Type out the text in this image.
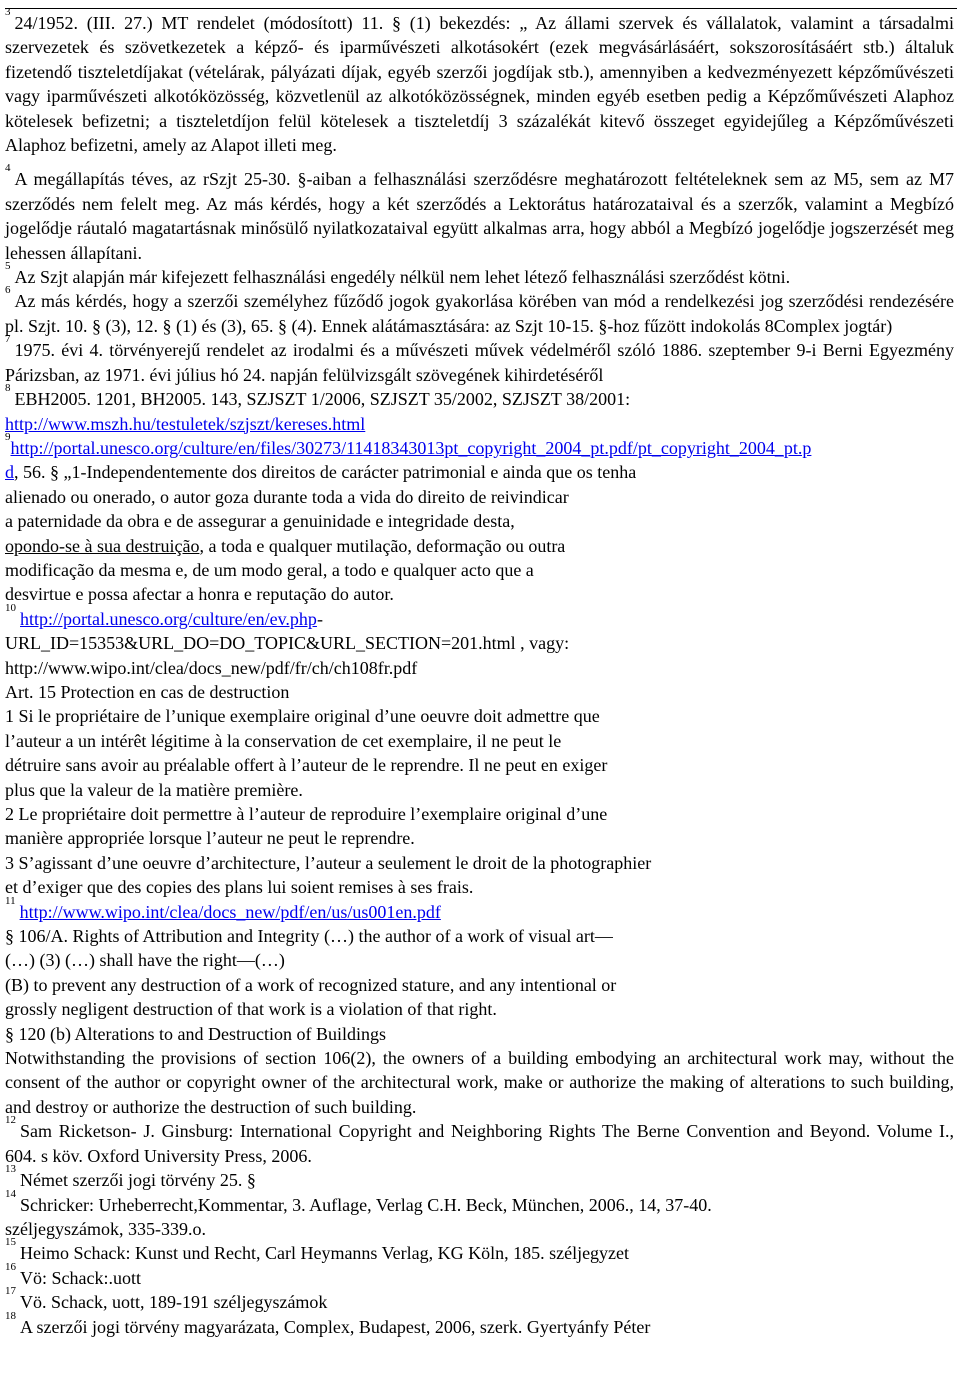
$^3$24/1952. (III. 27.) MT rendelet (módosított) 11. § (1) bekezdés: „ Az állami szervek és vállalatok, valamint a társadalmi szervezetek és szövetkezetek a képző- és iparművészeti alkotásokért (ezek megvásárlásáért, sokszorosításáért stb.) általuk fizetendő tiszteletdíjakat (vételárak, pályázati díjak, egyéb szerzői jogdíjak stb.), amennyiben a kedvezményezett képzőművészeti vagy iparművészeti alkotóközösség, közvetlenül az alkotóközösségnek, minden egyéb esetben pedig a Képzőművészeti Alaphoz kötelesek befizetni; a tiszteletdíjon felül kötelesek a tiszteletdíj 3 százalékát kitevő összeget egyidejűleg a Képzőművészeti Alaphoz befizetni, amely az Alapot illeti meg.

$^4$A megállapítás téves, az rSzjt 25-30. §-aiban a felhasználási szerződésre meghatározott feltételeknek sem az M5, sem az M7 szerződés nem felelt meg. Az más kérdés, hogy a két szerződés a Lektorátus határozataival és a szerzők, valamint a Megbízó jogelődje ráutaló magatartásnak minősülő nyilatkozataival együtt alkalmas arra, hogy abból a Megbízó jogelődje jogszerzését meg lehessen állapítani.

$^5$Az Szjt alapján már kifejezett felhasználási engedély nélkül nem lehet létező felhasználási szerződést kötni.

$^6$Az más kérdés, hogy a szerzői személyhez fűződő jogok gyakorlása körében van mód a rendelkezési jog szerződési rendezésére pl. Szjt. 10. § (3), 12. § (1) és (3), 65. § (4). Ennek alátámasztására: az Szjt 10-15. §-hoz fűzött indokolás 8Complex jogtár)

$^7$1975. évi 4. törvényerejű rendelet az irodalmi és a művészeti művek védelméről szóló 1886. szeptember 9-i Berni Egyezmény Párizsban, az 1971. évi július hó 24. napján felülvizsgált szövegének kihirdetéséről

$^8$EBH2005. 1201, BH2005. 143, SZJSZT 1/2006, SZJSZT 35/2002, SZJSZT 38/2001:

http://www.mszh.hu/testuletek/szjszt/kereses.html

$^9$http://portal.unesco.org/culture/en/files/30273/11418343013pt_copyright_2004_pt.pdf/pt_copyright_2004_pt.p

d, 56. § „1-Independentemente dos direitos de carácter patrimonial e ainda que os tenha

alienado ou onerado, o autor goza durante toda a vida do direito de reivindicar

a paternidade da obra e de assegurar a genuinidade e integridade desta,

opondo-se à sua destruição, a toda e qualquer mutilação, deformação ou outra

modificação da mesma e, de um modo geral, a todo e qualquer acto que a

desvirtue e possa afectar a honra e reputação do autor.

$^{10}$http://portal.unesco.org/culture/en/ev.php-

URL_ID=15353&URL_DO=DO_TOPIC&URL_SECTION=201.html , vagy:

http://www.wipo.int/clea/docs_new/pdf/fr/ch/ch108fr.pdf

Art. 15 Protection en cas de destruction

1 Si le propriétaire de l’unique exemplaire original d’une oeuvre doit admettre que

l’auteur a un intérêt légitime à la conservation de cet exemplaire, il ne peut le

détruire sans avoir au préalable offert à l’auteur de le reprendre. Il ne peut en exiger

plus que la valeur de la matière première.

2 Le propriétaire doit permettre à l’auteur de reproduire l’exemplaire original d’une

manière appropriée lorsque l’auteur ne peut le reprendre.

3 S’agissant d’une oeuvre d’architecture, l’auteur a seulement le droit de la photographier

et d’exiger que des copies des plans lui soient remises à ses frais.

$^{11}$http://www.wipo.int/clea/docs_new/pdf/en/us/us001en.pdf

§ 106/A. Rights of Attribution and Integrity (…) the author of a work of visual art—

(…) (3) (…) shall have the right—(…)

(B) to prevent any destruction of a work of recognized stature, and any intentional or

grossly negligent destruction of that work is a violation of that right.

§ 120 (b) Alterations to and Destruction of Buildings

Notwithstanding the provisions of section 106(2), the owners of a building embodying an architectural work may, without the consent of the author or copyright owner of the architectural work, make or authorize the making of alterations to such building, and destroy or authorize the destruction of such building.

$^{12}$Sam Ricketson- J. Ginsburg: International Copyright and Neighboring Rights The Berne Convention and Beyond. Volume I., 604. s köv. Oxford University Press, 2006.

$^{13}$Német szerzői jogi törvény 25. §

$^{14}$Schricker: Urheberrecht,Kommentar, 3. Auflage, Verlag C.H. Beck, München, 2006., 14, 37-40.

széljegyszámok, 335-339.o.

$^{15}$Heimo Schack: Kunst und Recht, Carl Heymanns Verlag, KG Köln, 185. széljegyzet

$^{16}$Vö: Schack:.uott

$^{17}$Vö. Schack, uott, 189-191 széljegyszámok

$^{18}$A szerzői jogi törvény magyarázata, Complex, Budapest, 2006, szerk. Gyertyánfy Péter
